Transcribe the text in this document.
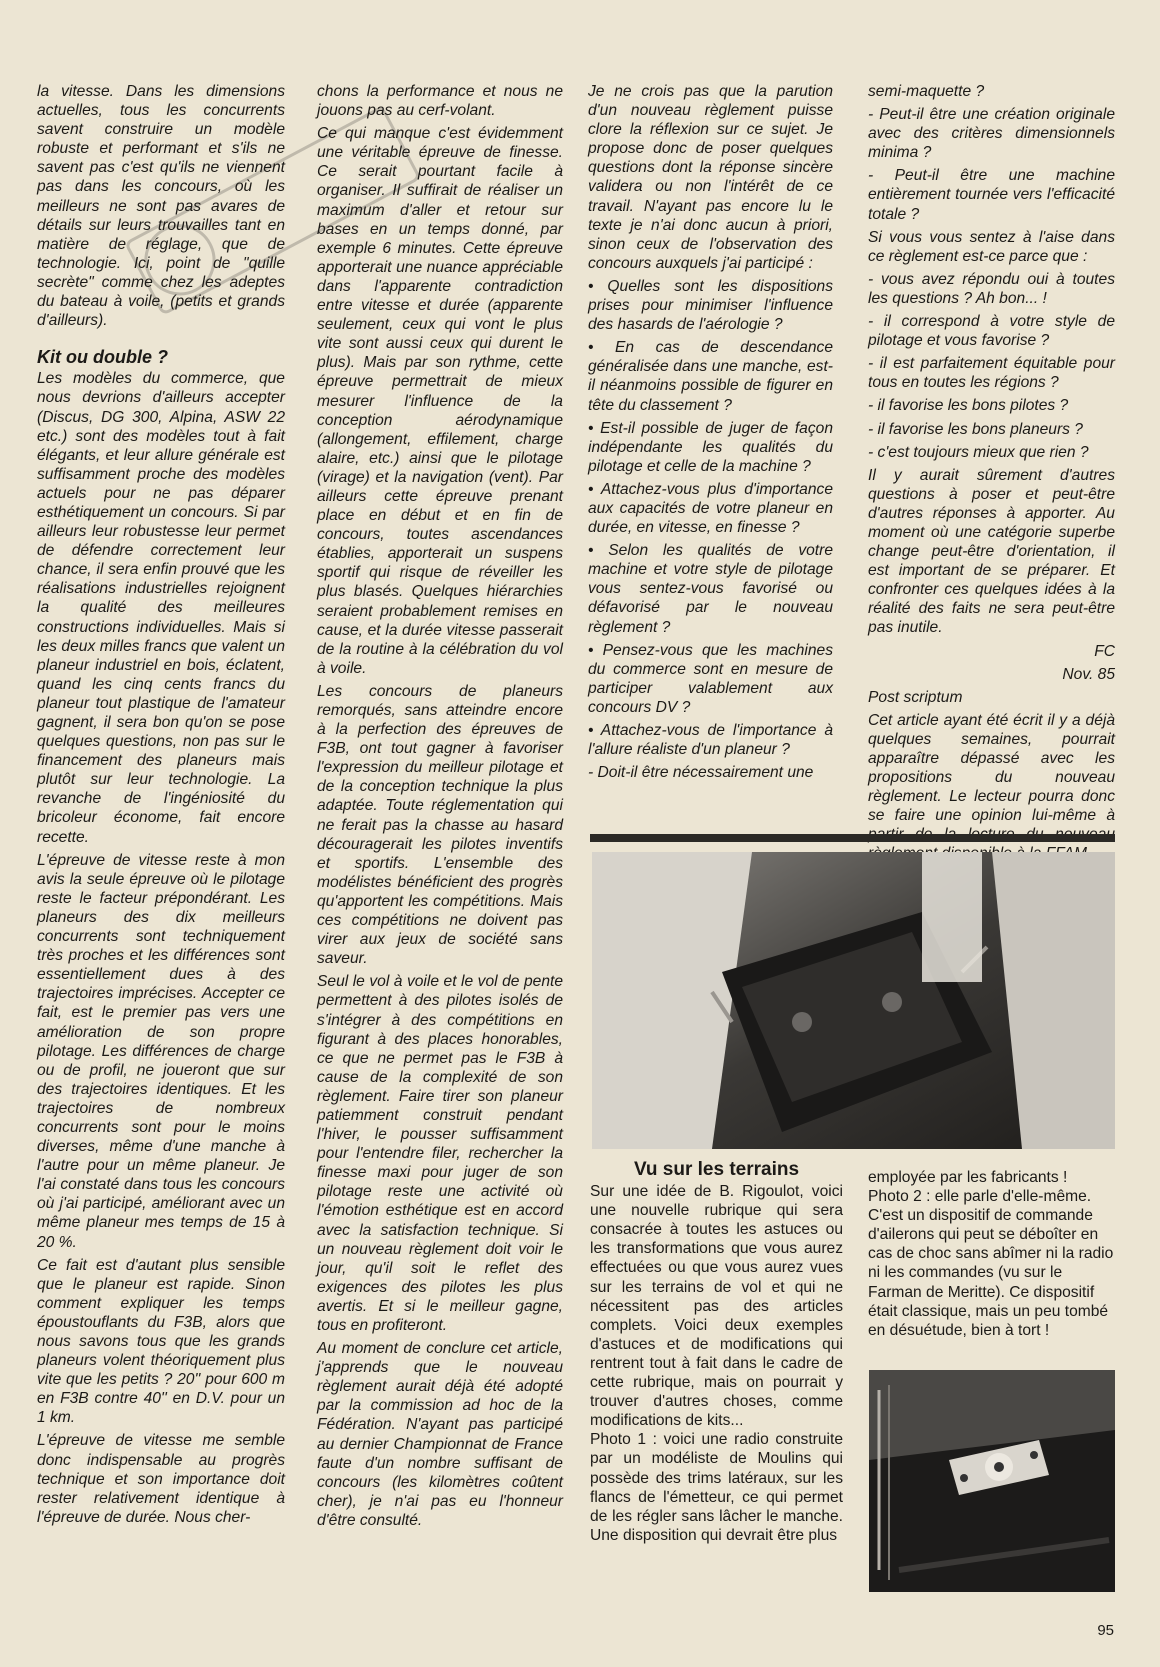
la vitesse. Dans les dimensions actuelles, tous les concurrents savent construire un modèle robuste et performant et s'ils ne savent pas c'est qu'ils ne viennent pas dans les concours, où les meilleurs ne sont pas avares de détails sur leurs trouvailles tant en matière de réglage, que de technologie. Ici, point de "quille secrète" comme chez les adeptes du bateau à voile, (petits et grands d'ailleurs).

Kit ou double ?

Les modèles du commerce, que nous devrions d'ailleurs accepter (Discus, DG 300, Alpina, ASW 22 etc.) sont des modèles tout à fait élégants, et leur allure générale est suffisamment proche des modèles actuels pour ne pas déparer esthétiquement un concours. Si par ailleurs leur robustesse leur permet de défendre correctement leur chance, il sera enfin prouvé que les réalisations industrielles rejoignent la qualité des meilleures constructions individuelles. Mais si les deux milles francs que valent un planeur industriel en bois, éclatent, quand les cinq cents francs du planeur tout plastique de l'amateur gagnent, il sera bon qu'on se pose quelques questions, non pas sur le financement des planeurs mais plutôt sur leur technologie. La revanche de l'ingéniosité du bricoleur économe, fait encore recette.

L'épreuve de vitesse reste à mon avis la seule épreuve où le pilotage reste le facteur prépondérant. Les planeurs des dix meilleurs concurrents sont techniquement très proches et les différences sont essentiellement dues à des trajectoires imprécises. Accepter ce fait, est le premier pas vers une amélioration de son propre pilotage. Les différences de charge ou de profil, ne joueront que sur des trajectoires identiques. Et les trajectoires de nombreux concurrents sont pour le moins diverses, même d'une manche à l'autre pour un même planeur. Je l'ai constaté dans tous les concours où j'ai participé, améliorant avec un même planeur mes temps de 15 à 20 %.

Ce fait est d'autant plus sensible que le planeur est rapide. Sinon comment expliquer les temps époustouflants du F3B, alors que nous savons tous que les grands planeurs volent théoriquement plus vite que les petits ? 20'' pour 600 m en F3B contre 40'' en D.V. pour un 1 km.

L'épreuve de vitesse me semble donc indispensable au progrès technique et son importance doit rester relativement identique à l'épreuve de durée. Nous cher-

chons la performance et nous ne jouons pas au cerf-volant.

Ce qui manque c'est évidemment une véritable épreuve de finesse. Ce serait pourtant facile à organiser. Il suffirait de réaliser un maximum d'aller et retour sur bases en un temps donné, par exemple 6 minutes. Cette épreuve apporterait une nuance appréciable dans l'apparente contradiction entre vitesse et durée (apparente seulement, ceux qui vont le plus vite sont aussi ceux qui durent le plus). Mais par son rythme, cette épreuve permettrait de mieux mesurer l'influence de la conception aérodynamique (allongement, effilement, charge alaire, etc.) ainsi que le pilotage (virage) et la navigation (vent). Par ailleurs cette épreuve prenant place en début et en fin de concours, toutes ascendances établies, apporterait un suspens sportif qui risque de réveiller les plus blasés. Quelques hiérarchies seraient probablement remises en cause, et la durée vitesse passerait de la routine à la célébration du vol à voile.

Les concours de planeurs remorqués, sans atteindre encore à la perfection des épreuves de F3B, ont tout gagner à favoriser l'expression du meilleur pilotage et de la conception technique la plus adaptée. Toute réglementation qui ne ferait pas la chasse au hasard découragerait les pilotes inventifs et sportifs. L'ensemble des modélistes bénéficient des progrès qu'apportent les compétitions. Mais ces compétitions ne doivent pas virer aux jeux de société sans saveur.

Seul le vol à voile et le vol de pente permettent à des pilotes isolés de s'intégrer à des compétitions en figurant à des places honorables, ce que ne permet pas le F3B à cause de la complexité de son règlement. Faire tirer son planeur patiemment construit pendant l'hiver, le pousser suffisamment pour l'entendre filer, rechercher la finesse maxi pour juger de son pilotage reste une activité où l'émotion esthétique est en accord avec la satisfaction technique. Si un nouveau règlement doit voir le jour, qu'il soit le reflet des exigences des pilotes les plus avertis. Et si le meilleur gagne, tous en profiteront.

Au moment de conclure cet article, j'apprends que le nouveau règlement aurait déjà été adopté par la commission ad hoc de la Fédération. N'ayant pas participé au dernier Championnat de France faute d'un nombre suffisant de concours (les kilomètres coûtent cher), je n'ai pas eu l'honneur d'être consulté.

Je ne crois pas que la parution d'un nouveau règlement puisse clore la réflexion sur ce sujet. Je propose donc de poser quelques questions dont la réponse sincère validera ou non l'intérêt de ce travail. N'ayant pas encore lu le texte je n'ai donc aucun à priori, sinon ceux de l'observation des concours auxquels j'ai participé :

• Quelles sont les dispositions prises pour minimiser l'influence des hasards de l'aérologie ?

• En cas de descendance généralisée dans une manche, est-il néanmoins possible de figurer en tête du classement ?

• Est-il possible de juger de façon indépendante les qualités du pilotage et celle de la machine ?

• Attachez-vous plus d'importance aux capacités de votre planeur en durée, en vitesse, en finesse ?

• Selon les qualités de votre machine et votre style de pilotage vous sentez-vous favorisé ou défavorisé par le nouveau règlement ?

• Pensez-vous que les machines du commerce sont en mesure de participer valablement aux concours DV ?

• Attachez-vous de l'importance à l'allure réaliste d'un planeur ?

- Doit-il être nécessairement une

semi-maquette ?

- Peut-il être une création originale avec des critères dimensionnels minima ?

- Peut-il être une machine entièrement tournée vers l'efficacité totale ?

Si vous vous sentez à l'aise dans ce règlement est-ce parce que :

- vous avez répondu oui à toutes les questions ? Ah bon... !

- il correspond à votre style de pilotage et vous favorise ?

- il est parfaitement équitable pour tous en toutes les régions ?

- il favorise les bons pilotes ?

- il favorise les bons planeurs ?

- c'est toujours mieux que rien ?

Il y aurait sûrement d'autres questions à poser et peut-être d'autres réponses à apporter. Au moment où une catégorie superbe change peut-être d'orientation, il est important de se préparer. Et confronter ces quelques idées à la réalité des faits ne sera peut-être pas inutile.

FC

Nov. 85

Post scriptum

Cet article ayant été écrit il y a déjà quelques semaines, pourrait apparaître dépassé avec les propositions du nouveau règlement. Le lecteur pourra donc se faire une opinion lui-même à

Vu sur les terrains

Sur une idée de B. Rigoulot, voici une nouvelle rubrique qui sera consacrée à toutes les astuces ou les transformations que vous aurez effectuées ou que vous aurez vues sur les terrains de vol et qui ne nécessitent pas des articles complets. Voici deux exemples d'astuces et de modifications qui rentrent tout à fait dans le cadre de cette rubrique, mais on pourrait y trouver d'autres choses, comme modifications de kits...

Photo 1 : voici une radio construite par un modéliste de Moulins qui possède des trims latéraux, sur les flancs de l'émetteur, ce qui permet de les régler sans lâcher le manche. Une disposition qui devrait être plus

employée par les fabricants !

Photo 2 : elle parle d'elle-même. C'est un dispositif de commande d'ailerons qui peut se déboîter en cas de choc sans abîmer ni la radio ni les commandes (vu sur le Farman de Meritte). Ce dispositif était classique, mais un peu tombé en désuétude, bien à tort !

95
